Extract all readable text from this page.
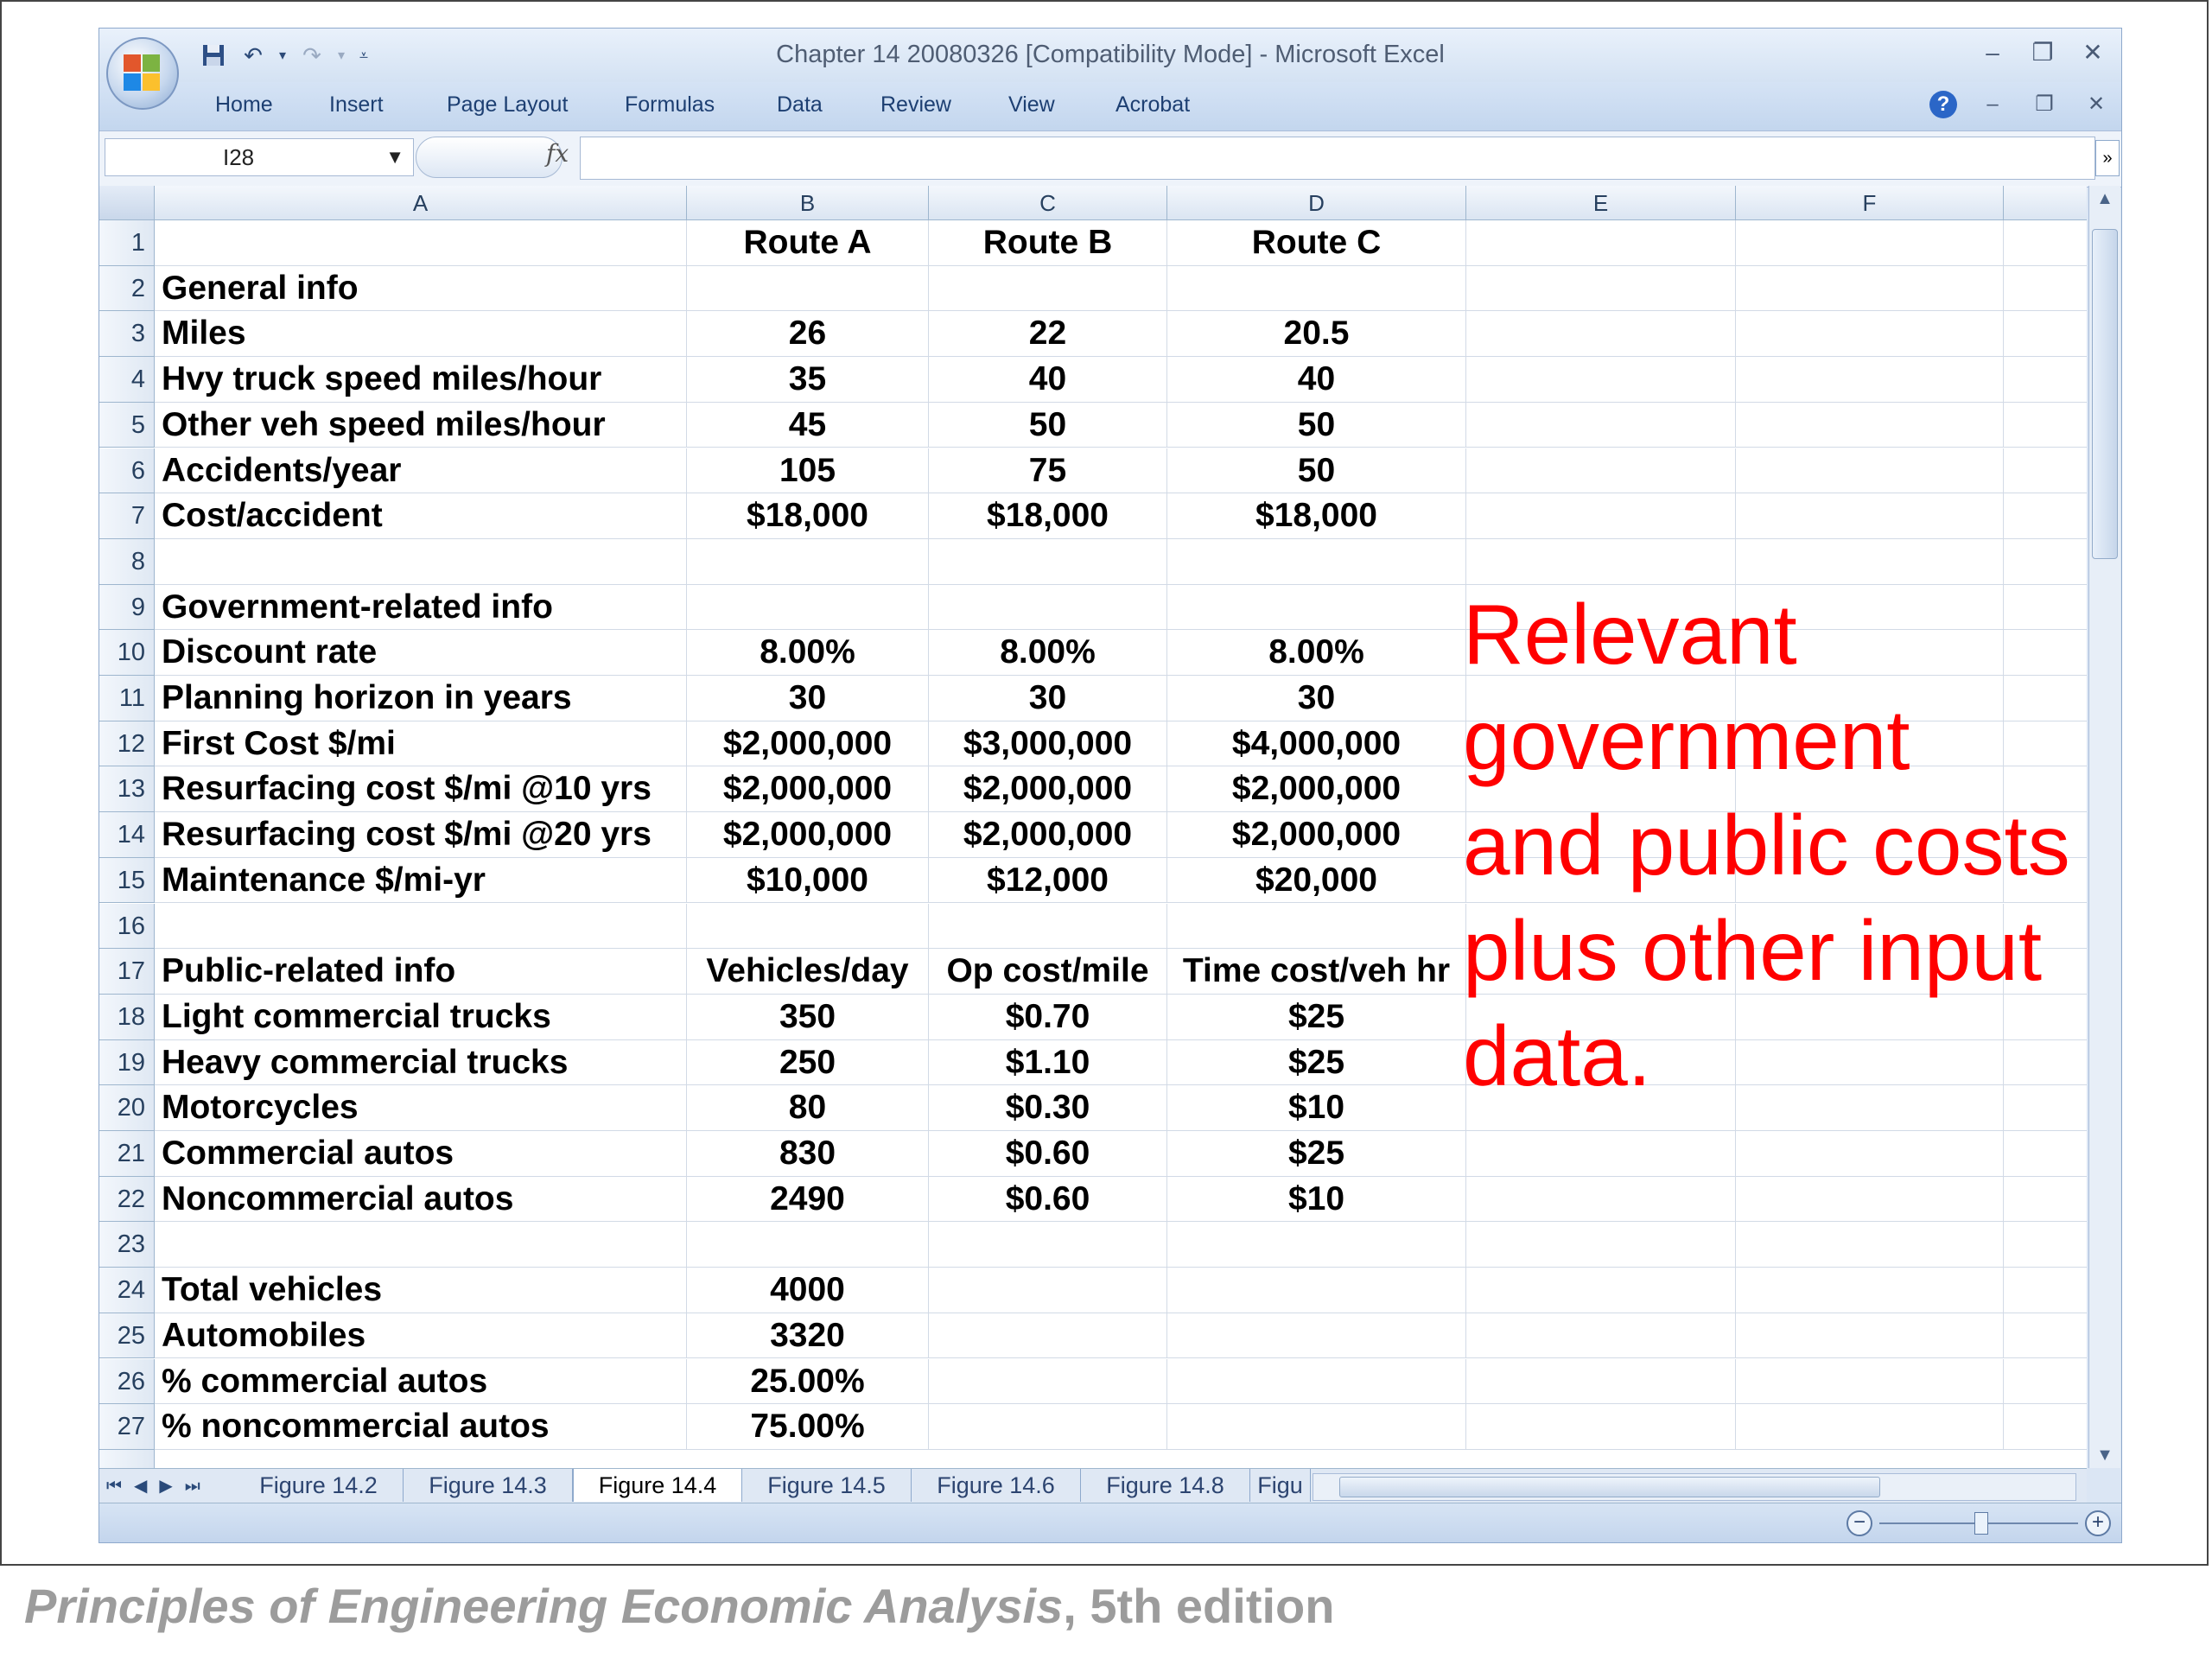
↶	▾ ↷	▾ ⩡	Chapter 14 20080326 [Compatibility Mode] - Microsoft Excel	–	❐ ✕
Home	Insert	Page Layout	Formulas	Data	Review	View	Acrobat	?	–	❐	✕
I28	▼	fx	»
A	B	C	D	E	F
1	Route A	Route B	Route C
2 General info
3 Miles	26	22	20.5
4 Hvy truck speed miles/hour	35	40	40
5 Other veh speed miles/hour	45	50	50
6 Accidents/year	105	75	50
7 Cost/accident	$18,000	$18,000	$18,000
8
9 Government-related info
10 Discount rate	8.00%	8.00%	8.00%
11 Planning horizon in years	30	30	30
12 First Cost $/mi	$2,000,000	$3,000,000	$4,000,000
13 Resurfacing cost $/mi @10 yrs	$2,000,000	$2,000,000	$2,000,000
14 Resurfacing cost $/mi @20 yrs	$2,000,000	$2,000,000	$2,000,000
15 Maintenance $/mi-yr	$10,000	$12,000	$20,000
16
17 Public-related info	Vehicles/day	Op cost/mile	Time cost/veh hr
18 Light commercial trucks	350	$0.70	$25
19 Heavy commercial trucks	250	$1.10	$25
20 Motorcycles	80	$0.30	$10
21 Commercial autos	830	$0.60	$25
22 Noncommercial autos	2490	$0.60	$10
23
24 Total vehicles	4000
25 Automobiles	3320
26 % commercial autos	25.00%
27 % noncommercial autos	75.00%
Relevant
government
and public costs
plus other input
data.
▲
▼
⏮ ◀ ▶ ⏭	Figure 14.2	Figure 14.3	Figure 14.4	Figure 14.5	Figure 14.6	Figure 14.8	Figu
−	+
Principles of Engineering Economic Analysis, 5th edition
